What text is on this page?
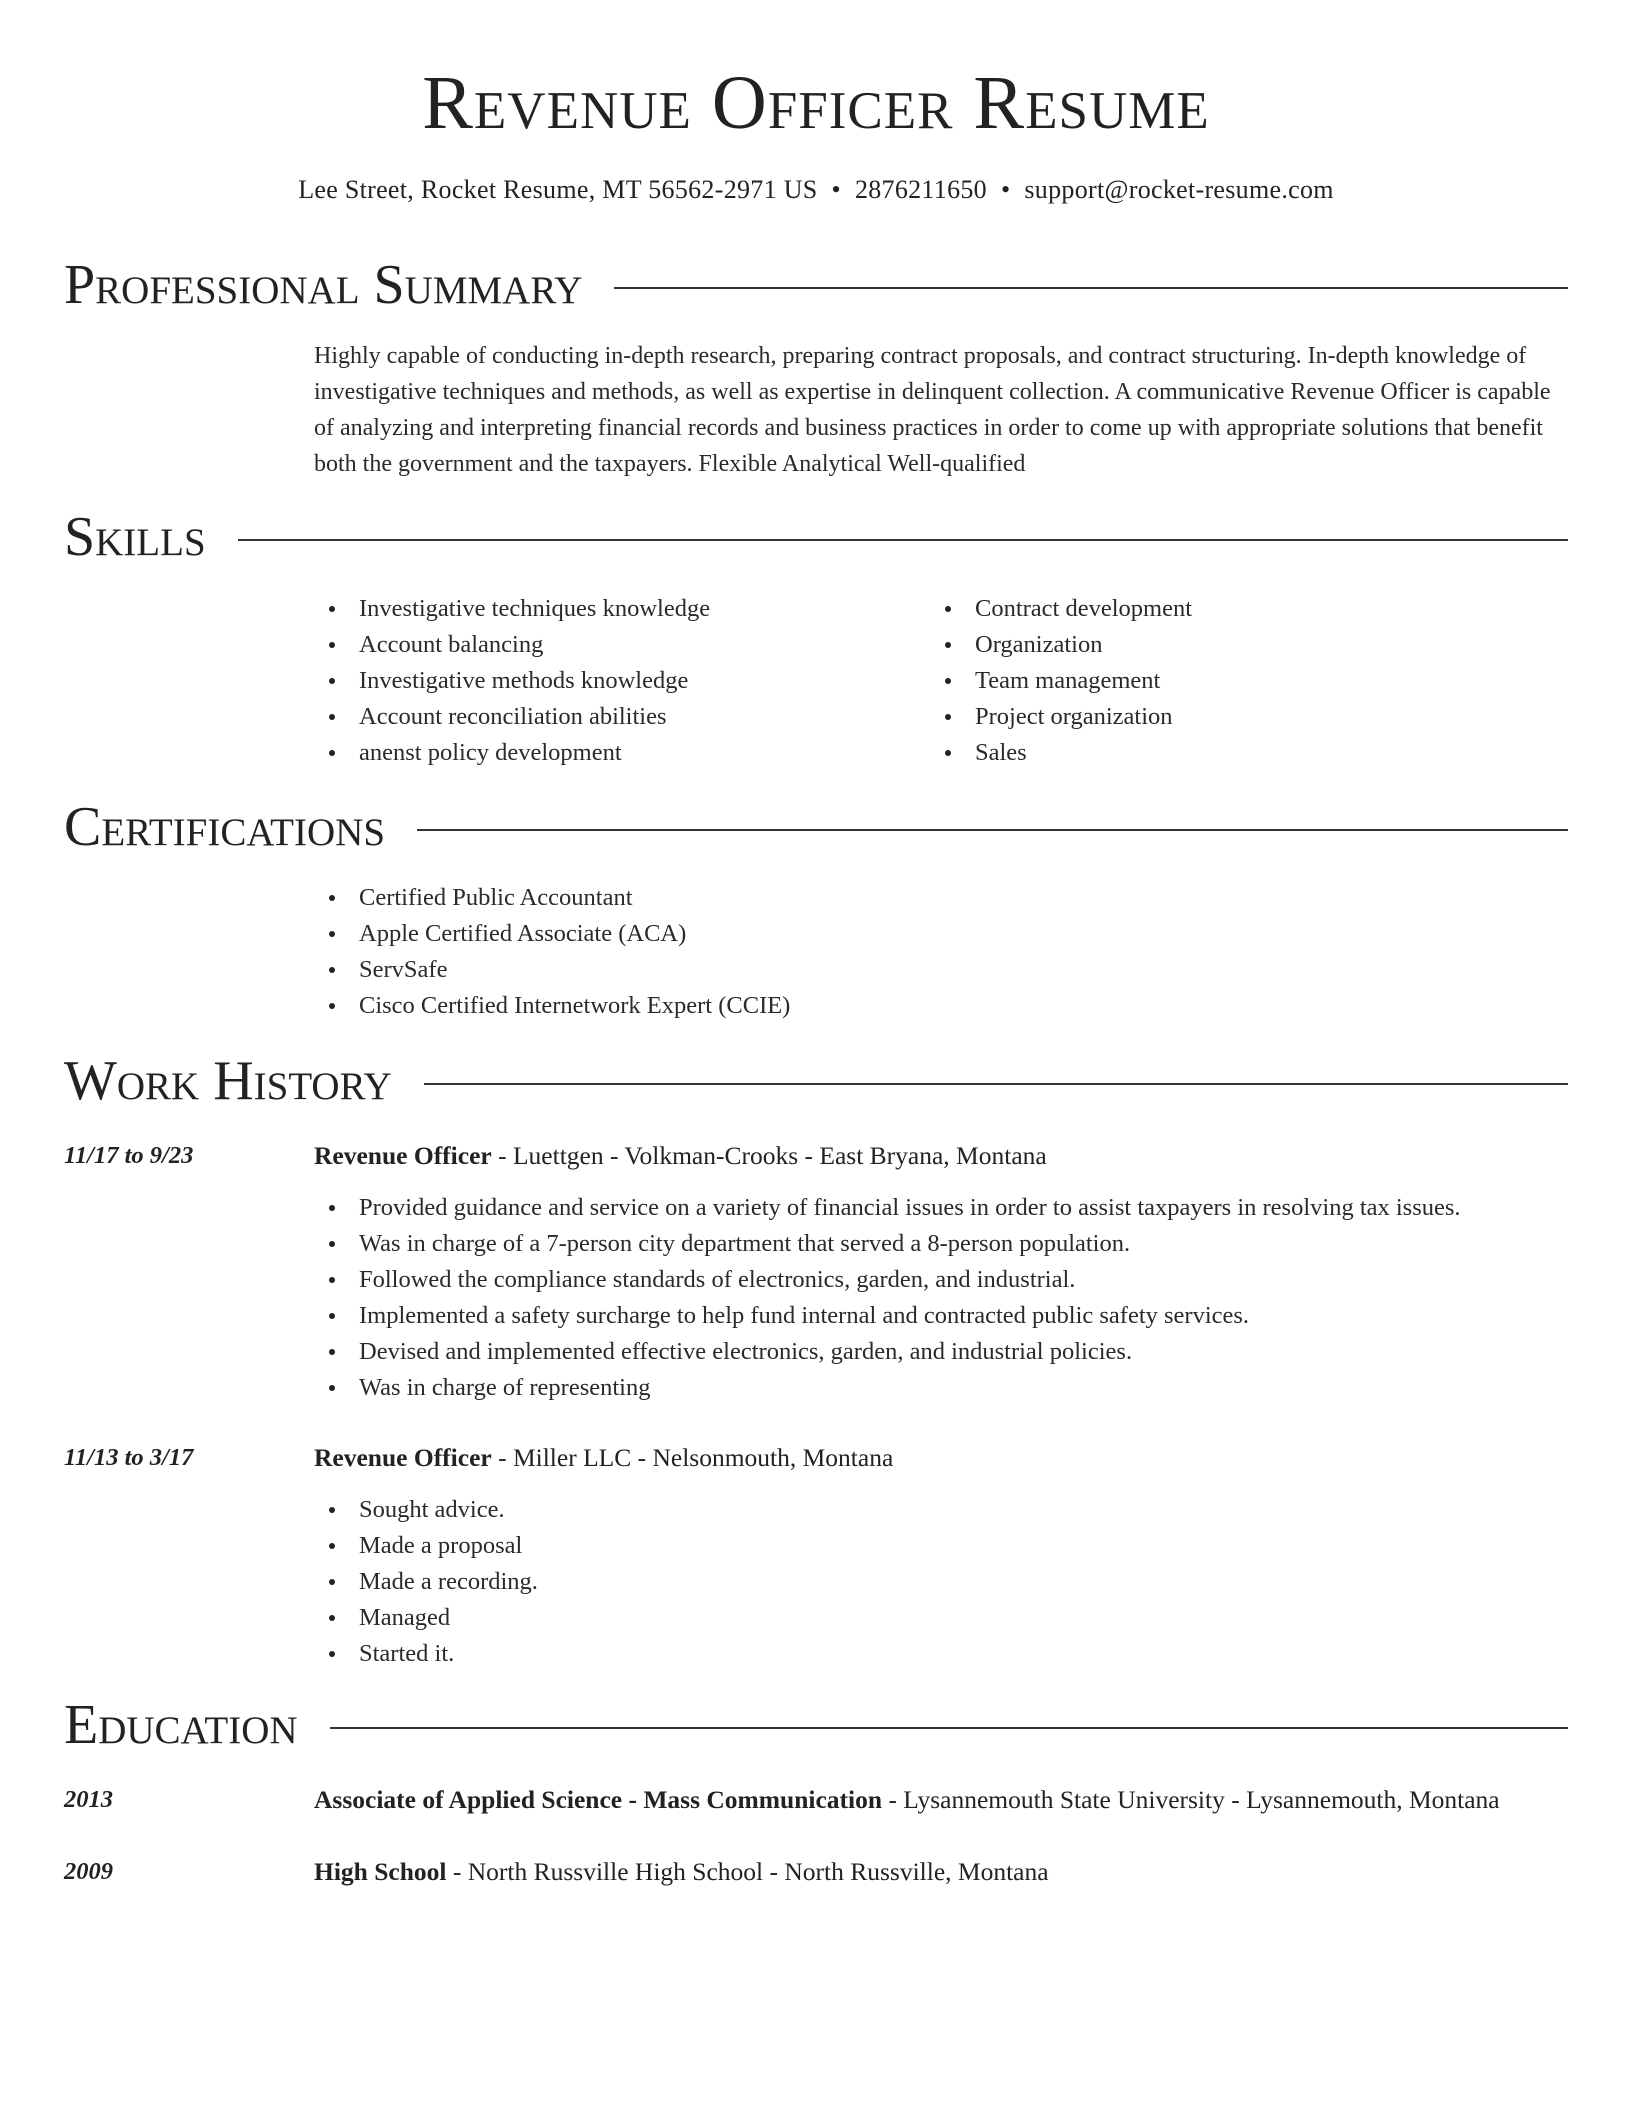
Revenue Officer Resume
Lee Street, Rocket Resume, MT 56562-2971 US • 2876211650 • support@rocket-resume.com
Professional Summary
Highly capable of conducting in-depth research, preparing contract proposals, and contract structuring. In-depth knowledge of investigative techniques and methods, as well as expertise in delinquent collection. A communicative Revenue Officer is capable of analyzing and interpreting financial records and business practices in order to come up with appropriate solutions that benefit both the government and the taxpayers. Flexible Analytical Well-qualified
Skills
Investigative techniques knowledge
Account balancing
Investigative methods knowledge
Account reconciliation abilities
anenst policy development
Contract development
Organization
Team management
Project organization
Sales
Certifications
Certified Public Accountant
Apple Certified Associate (ACA)
ServSafe
Cisco Certified Internetwork Expert (CCIE)
Work History
11/17 to 9/23	Revenue Officer - Luettgen - Volkman-Crooks - East Bryana, Montana
Provided guidance and service on a variety of financial issues in order to assist taxpayers in resolving tax issues.
Was in charge of a 7-person city department that served a 8-person population.
Followed the compliance standards of electronics, garden, and industrial.
Implemented a safety surcharge to help fund internal and contracted public safety services.
Devised and implemented effective electronics, garden, and industrial policies.
Was in charge of representing
11/13 to 3/17	Revenue Officer - Miller LLC - Nelsonmouth, Montana
Sought advice.
Made a proposal
Made a recording.
Managed
Started it.
Education
2013	Associate of Applied Science - Mass Communication - Lysannemouth State University - Lysannemouth, Montana
2009	High School - North Russville High School - North Russville, Montana
